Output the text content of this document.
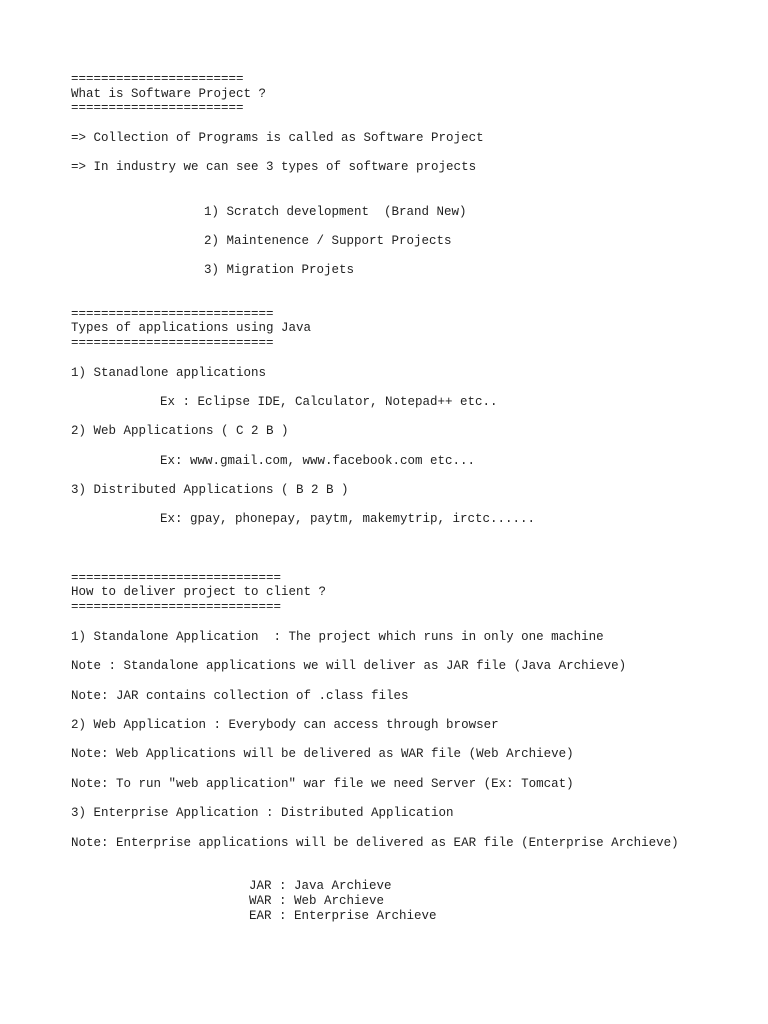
=======================
What is Software Project ?
=======================
=> Collection of Programs is called as Software Project
=> In industry we can see 3 types of software projects
1) Scratch development  (Brand New)
2) Maintenence / Support Projects
3) Migration Projets
===========================
Types of applications using Java
===========================
1) Stanadlone applications
Ex : Eclipse IDE, Calculator, Notepad++ etc..
2) Web Applications ( C 2 B )
Ex: www.gmail.com, www.facebook.com etc...
3) Distributed Applications ( B 2 B )
Ex: gpay, phonepay, paytm, makemytrip, irctc......
============================
How to deliver project to client ?
============================
1) Standalone Application  : The project which runs in only one machine
Note : Standalone applications we will deliver as JAR file (Java Archieve)
Note: JAR contains collection of .class files
2) Web Application : Everybody can access through browser
Note: Web Applications will be delivered as WAR file (Web Archieve)
Note: To run "web application" war file we need Server (Ex: Tomcat)
3) Enterprise Application : Distributed Application
Note: Enterprise applications will be delivered as EAR file (Enterprise Archieve)
JAR : Java Archieve
WAR : Web Archieve
EAR : Enterprise Archieve
